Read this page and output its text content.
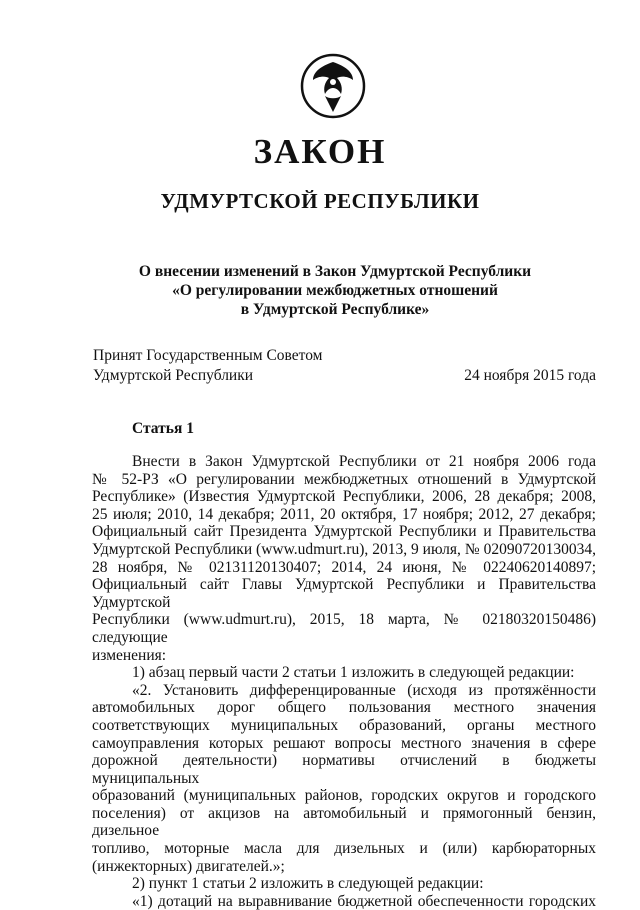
ЗАКОН
УДМУРТСКОЙ РЕСПУБЛИКИ
О внесении изменений в Закон Удмуртской Республики
«О регулировании межбюджетных отношений
в Удмуртской Республике»
Принят Государственным Советом
Удмуртской Республики	24 ноября 2015 года
Статья 1
Внести в Закон Удмуртской Республики от 21 ноября 2006 года
№ 52-РЗ «О регулировании межбюджетных отношений в Удмуртской
Республике» (Известия Удмуртской Республики, 2006, 28 декабря; 2008,
25 июля; 2010, 14 декабря; 2011, 20 октября, 17 ноября; 2012, 27 декабря;
Официальный сайт Президента Удмуртской Республики и Правительства
Удмуртской Республики (www.udmurt.ru), 2013, 9 июля, № 02090720130034,
28 ноября, № 02131120130407; 2014, 24 июня, № 02240620140897;
Официальный сайт Главы Удмуртской Республики и Правительства Удмуртской
Республики (www.udmurt.ru), 2015, 18 марта, № 02180320150486) следующие
изменения:
1) абзац первый части 2 статьи 1 изложить в следующей редакции:
«2. Установить дифференцированные (исходя из протяжённости
автомобильных дорог общего пользования местного значения
соответствующих муниципальных образований, органы местного
самоуправления которых решают вопросы местного значения в сфере
дорожной деятельности) нормативы отчислений в бюджеты муниципальных
образований (муниципальных районов, городских округов и городского
поселения) от акцизов на автомобильный и прямогонный бензин, дизельное
топливо, моторные масла для дизельных и (или) карбюраторных
(инжекторных) двигателей.»;
2) пункт 1 статьи 2 изложить в следующей редакции:
«1) дотаций на выравнивание бюджетной обеспеченности городских
